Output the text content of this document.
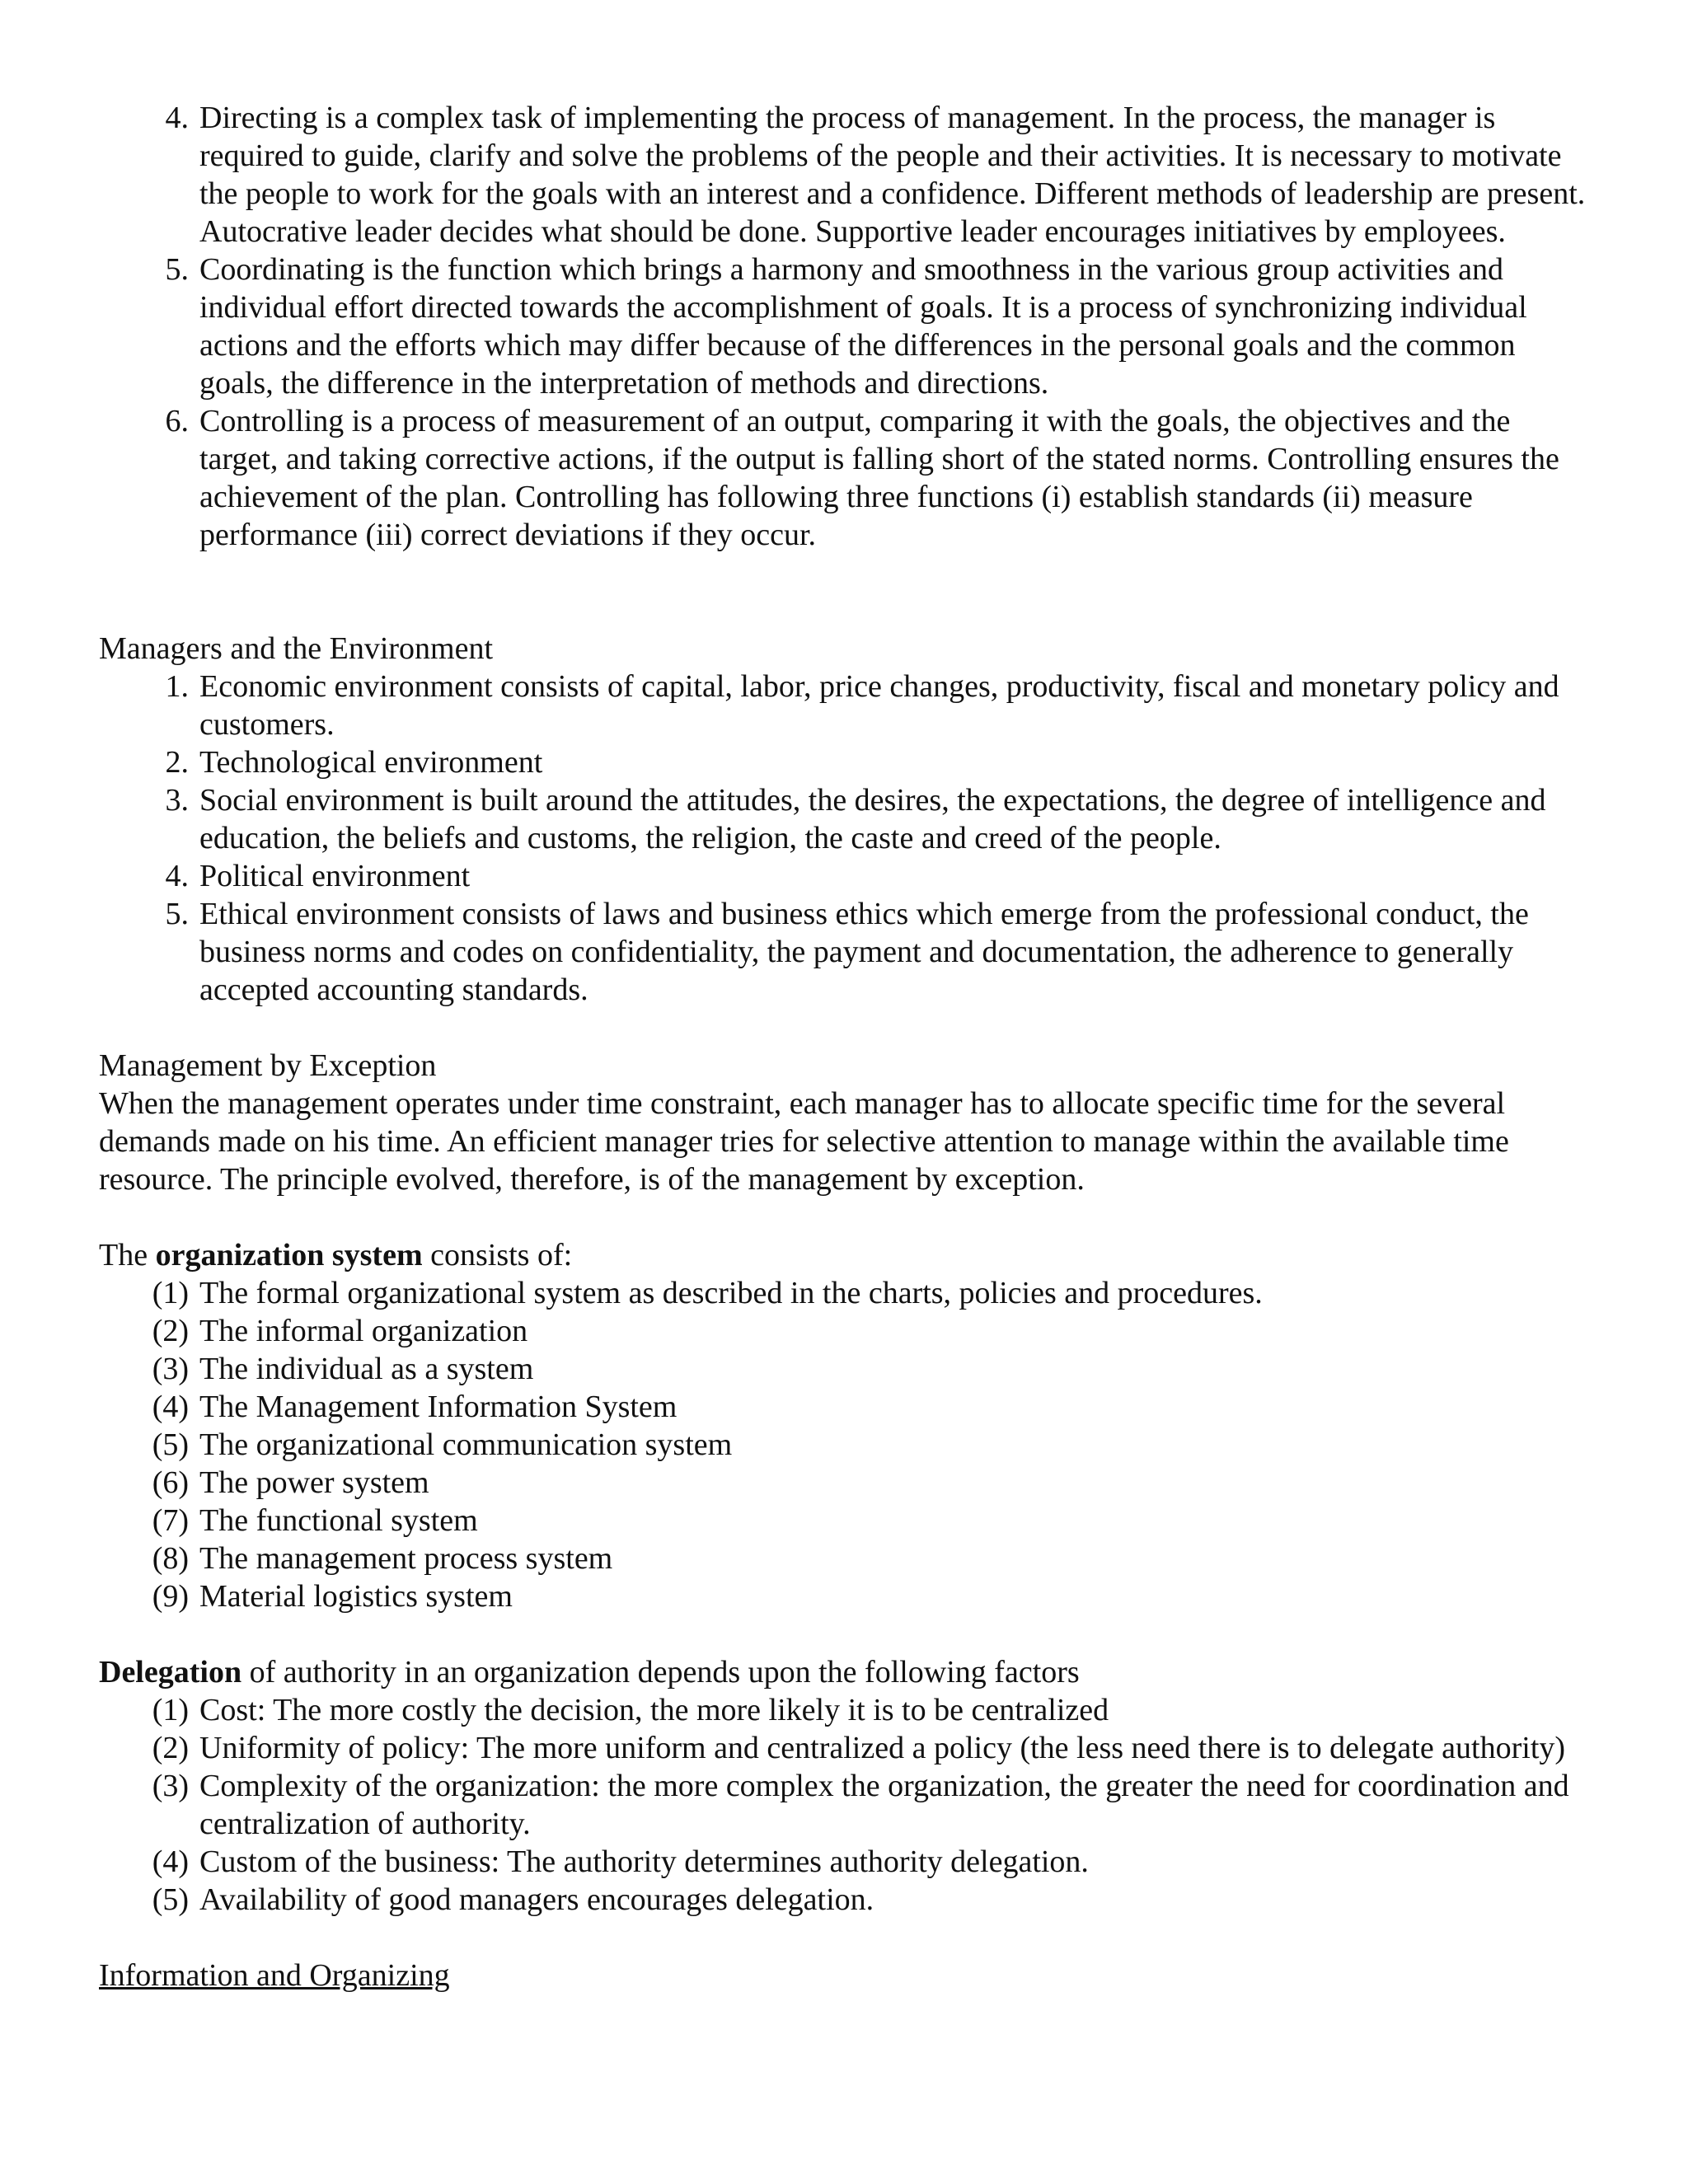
4. Directing is a complex task of implementing the process of management. In the process, the manager is required to guide, clarify and solve the problems of the people and their activities. It is necessary to motivate the people to work for the goals with an interest and a confidence. Different methods of leadership are present. Autocrative leader decides what should be done. Supportive leader encourages initiatives by employees.
5. Coordinating is the function which brings a harmony and smoothness in the various group activities and individual effort directed towards the accomplishment of goals. It is a process of synchronizing individual actions and the efforts which may differ because of the differences in the personal goals and the common goals, the difference in the interpretation of methods and directions.
6. Controlling is a process of measurement of an output, comparing it with the goals, the objectives and the target, and taking corrective actions, if the output is falling short of the stated norms. Controlling ensures the achievement of the plan. Controlling has following three functions (i) establish standards (ii) measure performance (iii) correct deviations if they occur.

Managers and the Environment

1. Economic environment consists of capital, labor, price changes, productivity, fiscal and monetary policy and customers.
2. Technological environment
3. Social environment is built around the attitudes, the desires, the expectations, the degree of intelligence and education, the beliefs and customs, the religion, the caste and creed of the people.
4. Political environment
5. Ethical environment consists of laws and business ethics which emerge from the professional conduct, the business norms and codes on confidentiality, the payment and documentation, the adherence to generally accepted accounting standards.

Management by Exception

When the management operates under time constraint, each manager has to allocate specific time for the several demands made on his time. An efficient manager tries for selective attention to manage within the available time resource. The principle evolved, therefore, is of the management by exception.

The organization system consists of:

(1) The formal organizational system as described in the charts, policies and procedures.
(2) The informal organization
(3) The individual as a system
(4) The Management Information System
(5) The organizational communication system
(6) The power system
(7) The functional system
(8) The management process system
(9) Material logistics system

Delegation of authority in an organization depends upon the following factors

(1) Cost: The more costly the decision, the more likely it is to be centralized
(2) Uniformity of policy: The more uniform and centralized a policy (the less need there is to delegate authority)
(3) Complexity of the organization: the more complex the organization, the greater the need for coordination and centralization of authority.
(4) Custom of the business: The authority determines authority delegation.
(5) Availability of good managers encourages delegation.

Information and Organizing
